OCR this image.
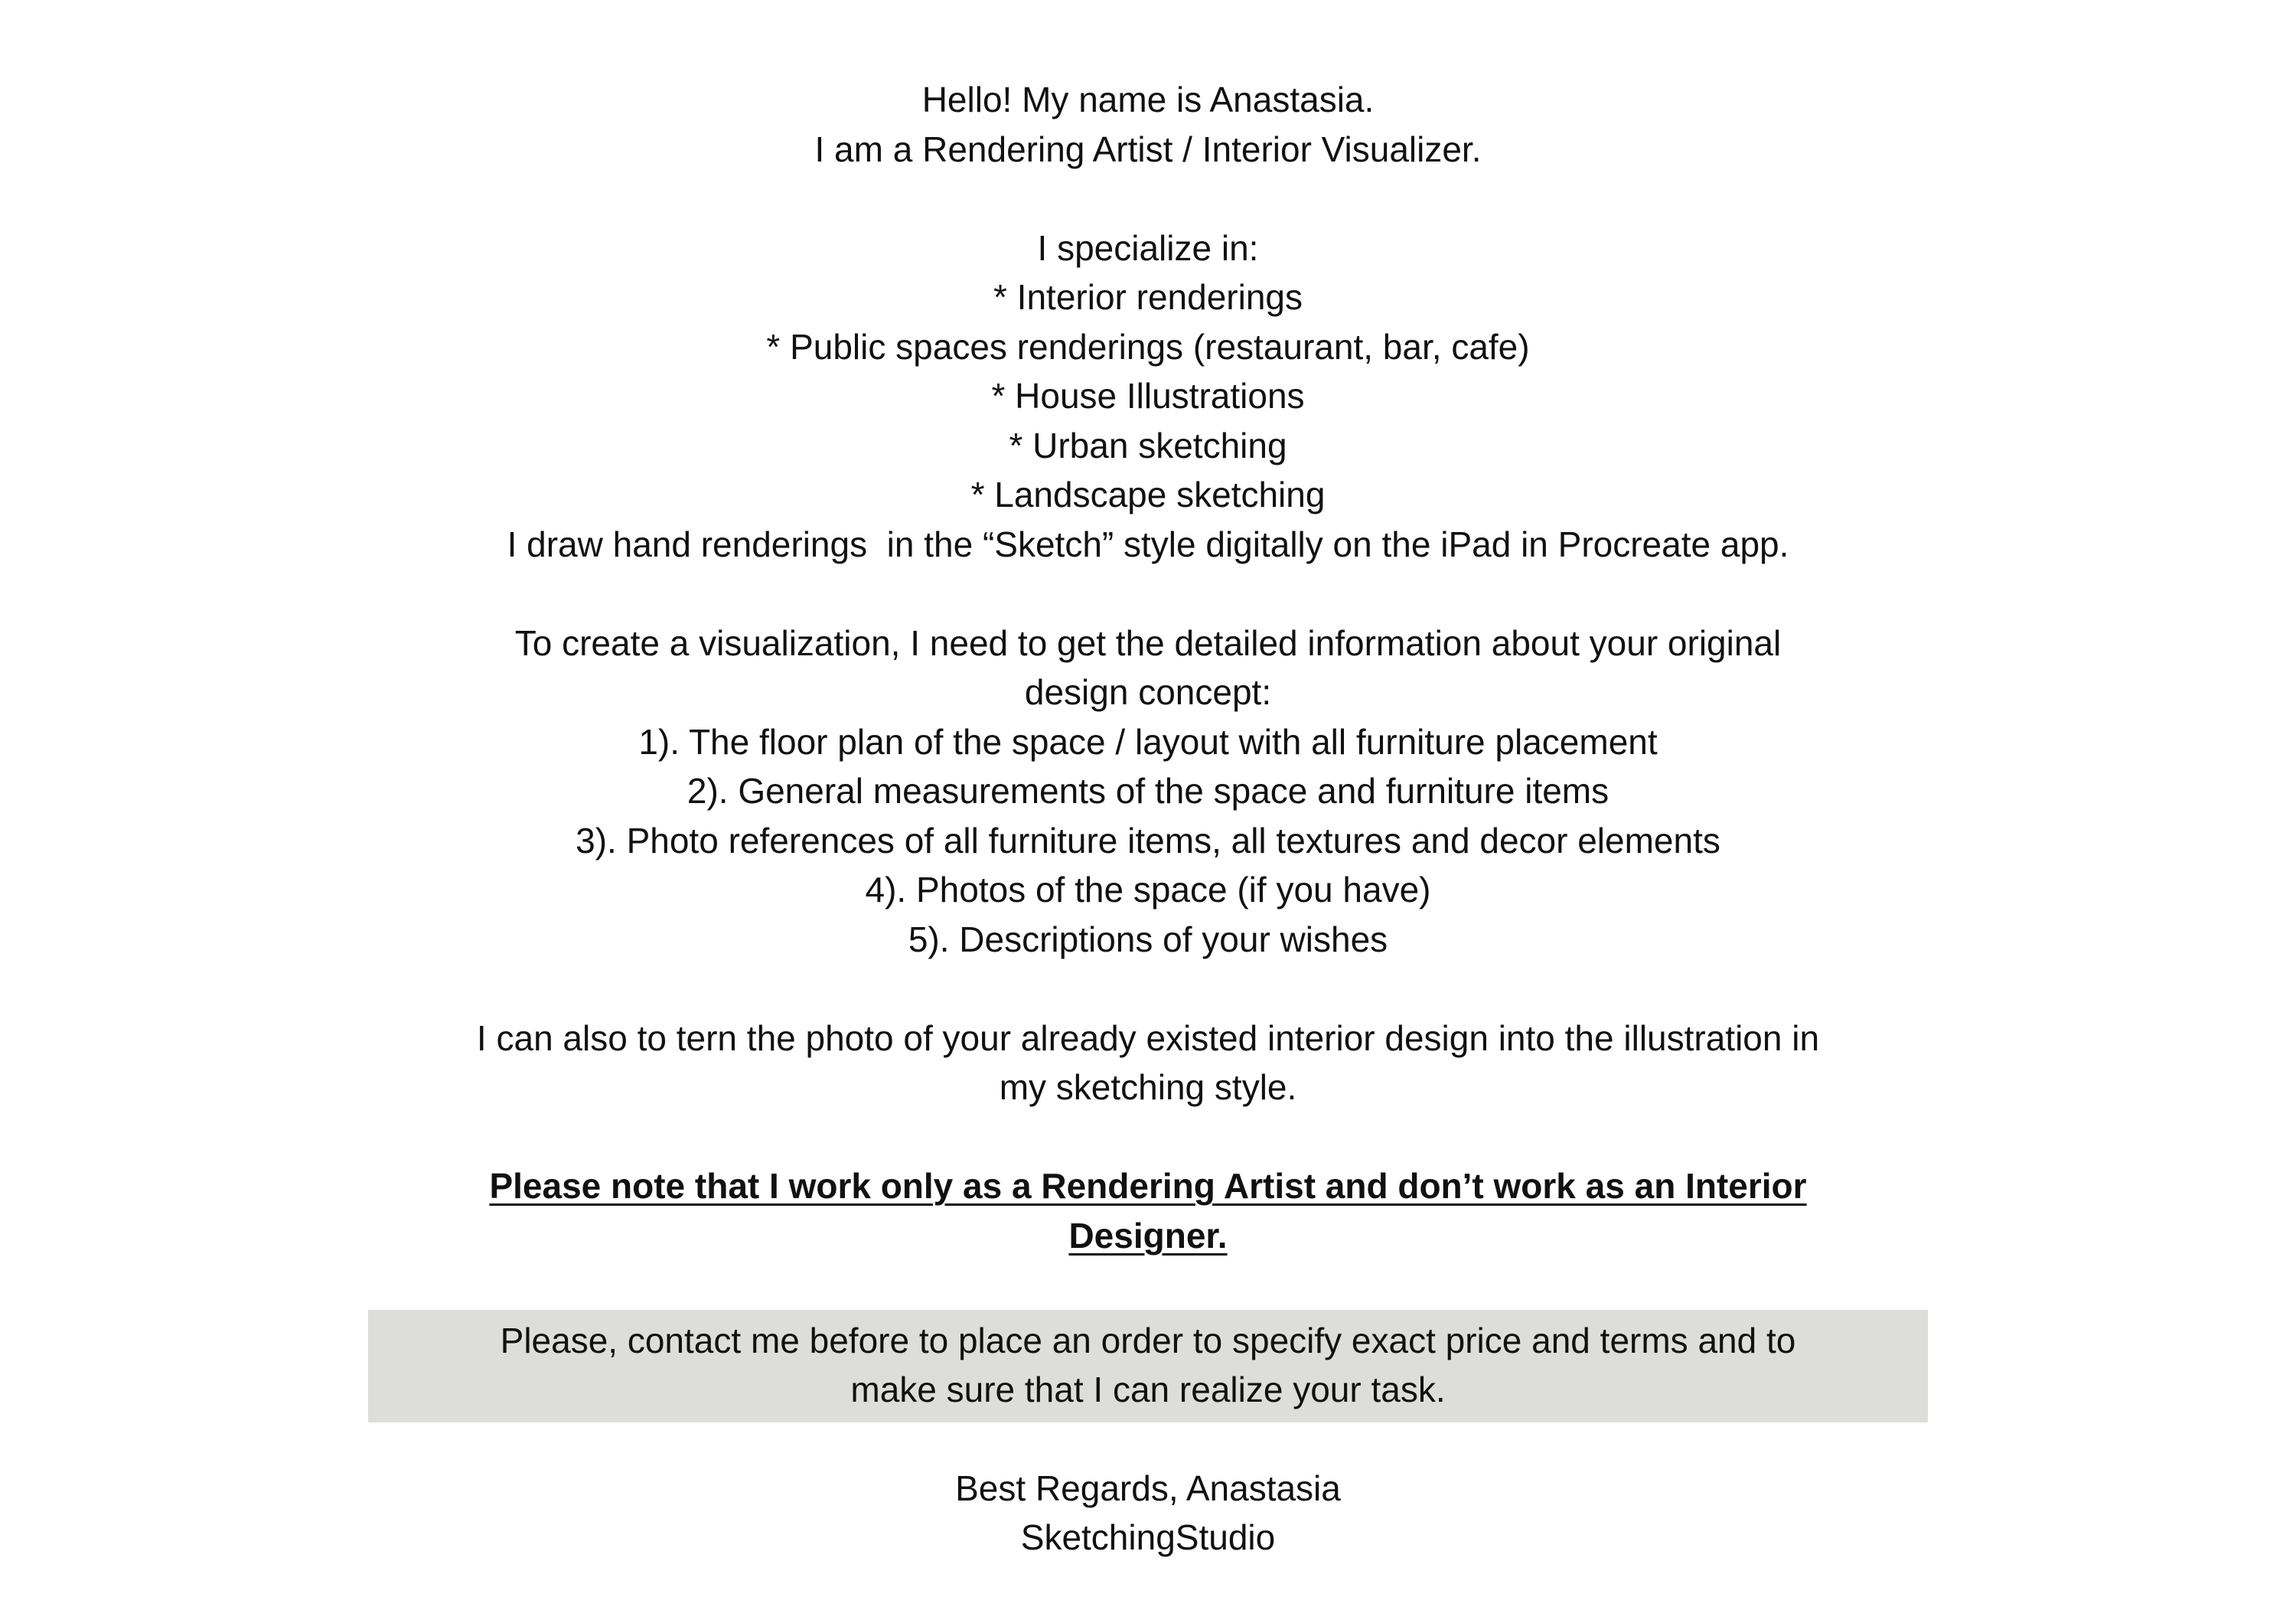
Hello! My name is Anastasia.
I am a Rendering Artist / Interior Visualizer.
I specialize in:
* Interior renderings
* Public spaces renderings (restaurant, bar, cafe)
* House Illustrations
* Urban sketching
* Landscape sketching
I draw hand renderings  in the “Sketch” style digitally on the iPad in Procreate app.
To create a visualization, I need to get the detailed information about your original
design concept:
1). The floor plan of the space / layout with all furniture placement
2). General measurements of the space and furniture items
3). Photo references of all furniture items, all textures and decor elements
4). Photos of the space (if you have)
5). Descriptions of your wishes
I can also to tern the photo of your already existed interior design into the illustration in
my sketching style.
Please note that I work only as a Rendering Artist and don’t work as an Interior
Designer.
Please, contact me before to place an order to specify exact price and terms and to
make sure that I can realize your task.
Best Regards, Anastasia
SketchingStudio
